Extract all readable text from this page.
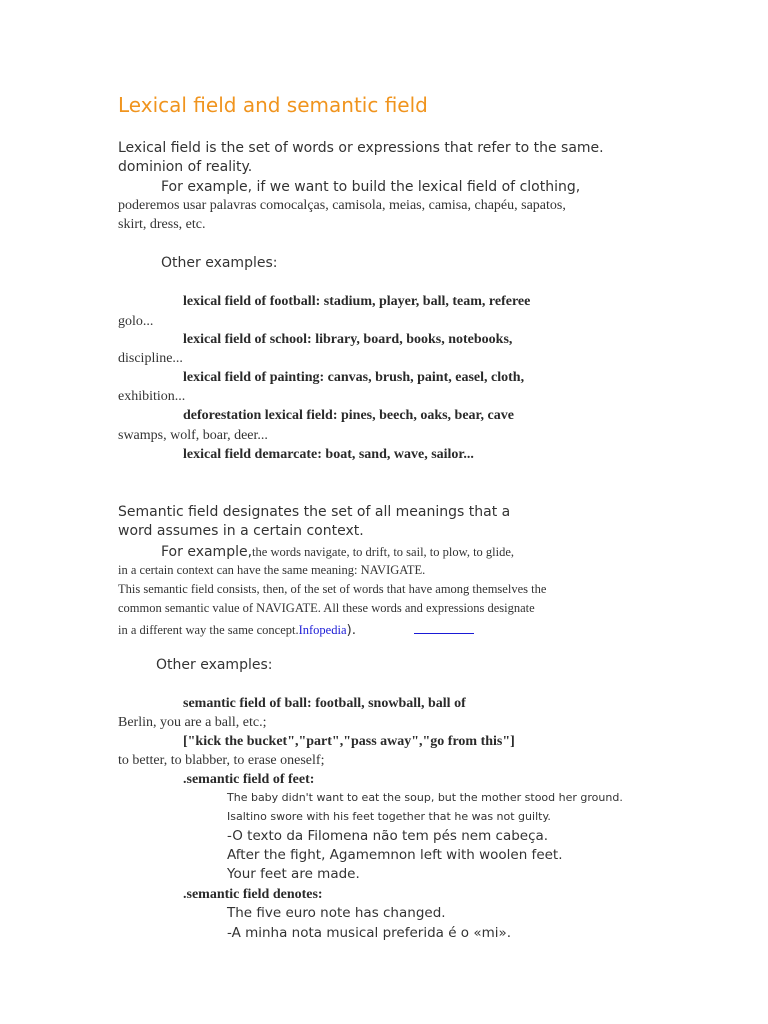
Lexical field and semantic field
Lexical field is the set of words or expressions that refer to the same.
dominion of reality.
For example, if we want to build the lexical field of clothing,
poderemos usar palavras comocalças, camisola, meias, camisa, chapéu, sapatos,
skirt, dress, etc.
Other examples:
lexical field of football: stadium, player, ball, team, referee
golo...
lexical field of school: library, board, books, notebooks,
discipline...
lexical field of painting: canvas, brush, paint, easel, cloth,
exhibition...
deforestation lexical field: pines, beech, oaks, bear, cave
swamps, wolf, boar, deer...
lexical field demarcate: boat, sand, wave, sailor...
Semantic field designates the set of all meanings that a
word assumes in a certain context.
For example,the words navigate, to drift, to sail, to plow, to glide,
in a certain context can have the same meaning: NAVIGATE.
This semantic field consists, then, of the set of words that have among themselves the
common semantic value of NAVIGATE. All these words and expressions designate
in a different way the same concept.Infopedia).
Other examples:
semantic field of ball: football, snowball, ball of
Berlin, you are a ball, etc.;
["kick the bucket","part","pass away","go from this"]
to better, to blabber, to erase oneself;
.semantic field of feet:
The baby didn't want to eat the soup, but the mother stood her ground.
Isaltino swore with his feet together that he was not guilty.
-O texto da Filomena não tem pés nem cabeça.
After the fight, Agamemnon left with woolen feet.
Your feet are made.
.semantic field denotes:
The five euro note has changed.
-A minha nota musical preferida é o «mi».
